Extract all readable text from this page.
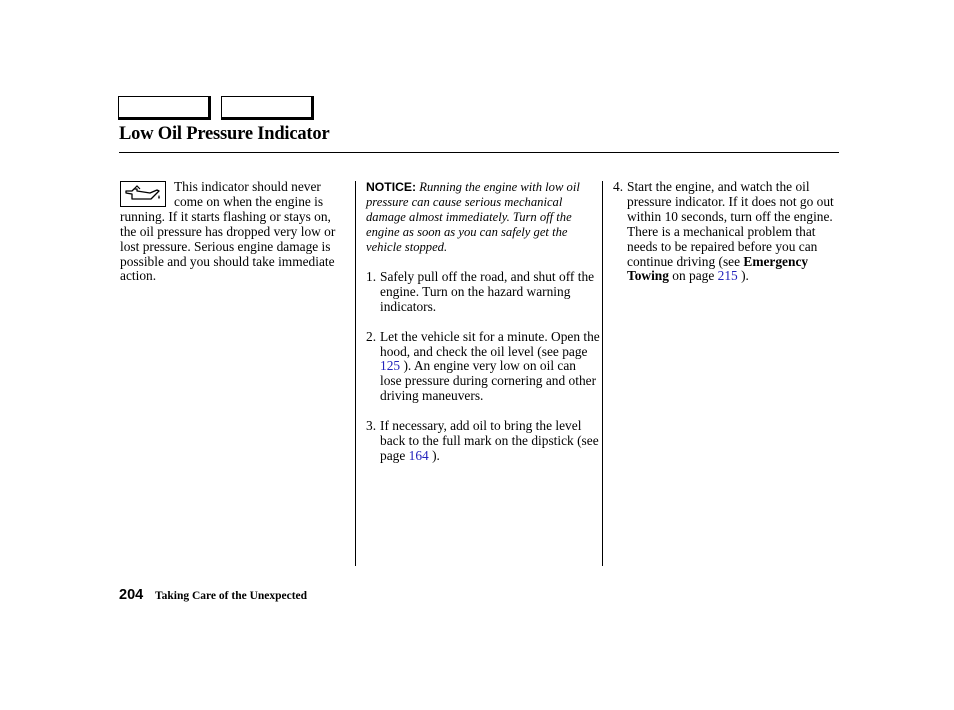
Low Oil Pressure Indicator
This indicator should never come on when the engine is running. If it starts flashing or stays on, the oil pressure has dropped very low or lost pressure. Serious engine damage is possible and you should take immediate action.

NOTICE: Running the engine with low oil pressure can cause serious mechanical damage almost immediately. Turn off the engine as soon as you can safely get the vehicle stopped.

1. Safely pull off the road, and shut off the engine. Turn on the hazard warning indicators.
2. Let the vehicle sit for a minute. Open the hood, and check the oil level (see page 125 ). An engine very low on oil can lose pressure during cornering and other driving maneuvers.
3. If necessary, add oil to bring the level back to the full mark on the dipstick (see page 164 ).
4. Start the engine, and watch the oil pressure indicator. If it does not go out within 10 seconds, turn off the engine. There is a mechanical problem that needs to be repaired before you can continue driving (see Emergency Towing on page 215 ).
204 Taking Care of the Unexpected
